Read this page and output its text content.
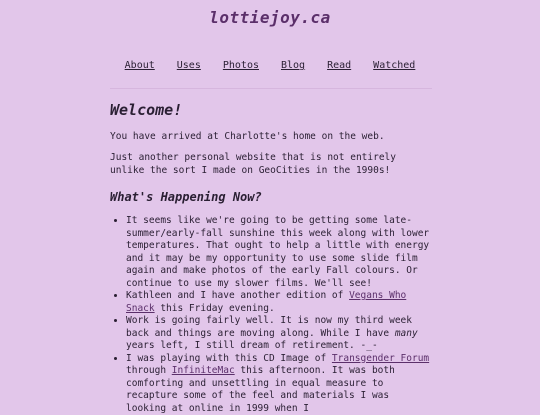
lottiejoy.ca
About Uses Photos Blog Read Watched
Welcome!

You have arrived at Charlotte's home on the web.

Just another personal website that is not entirely unlike the sort I made on GeoCities in the 1990s!

What's Happening Now?
• It seems like we're going to be getting some late-summer/early-fall sunshine this week along with lower temperatures. That ought to help a little with energy and it may be my opportunity to use some slide film again and make photos of the early Fall colours. Or continue to use my slower films. We'll see!
• Kathleen and I have another edition of Vegans Who Snack this Friday evening.
• Work is going fairly well. It is now my third week back and things are moving along. While I have many years left, I still dream of retirement. -_-
• I was playing with this CD Image of Transgender Forum through InfiniteMac this afternoon. It was both comforting and unsettling in equal measure to recapture some of the feel and materials I was looking at online in 1999 when I
